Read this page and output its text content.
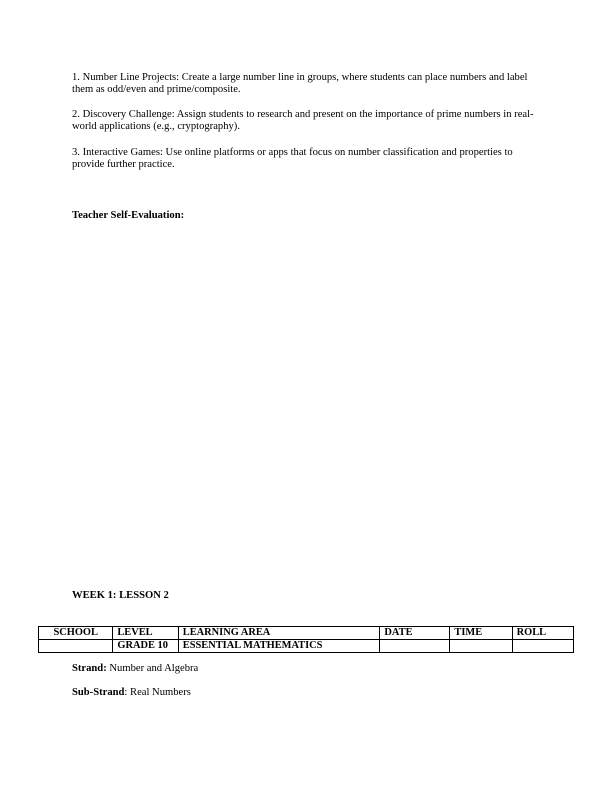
1. Number Line Projects: Create a large number line in groups, where students can place numbers and label them as odd/even and prime/composite.

2. Discovery Challenge: Assign students to research and present on the importance of prime numbers in real-world applications (e.g., cryptography).

3. Interactive Games: Use online platforms or apps that focus on number classification and properties to provide further practice.

Teacher Self-Evaluation:

WEEK 1: LESSON 2

SCHOOL	LEVEL	LEARNING AREA	DATE	TIME	ROLL
	GRADE 10	ESSENTIAL MATHEMATICS			

Strand: Number and Algebra

Sub-Strand: Real Numbers
